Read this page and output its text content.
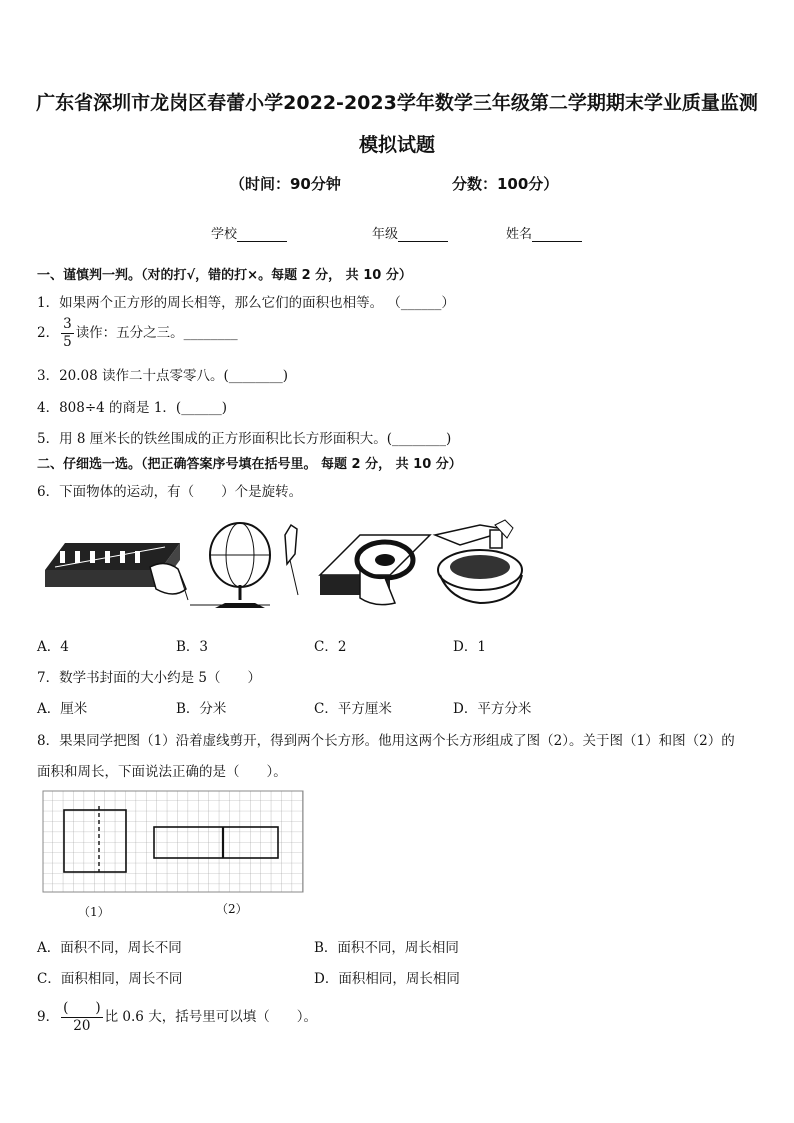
广东省深圳市龙岗区春蕾小学2022-2023学年数学三年级第二学期期末学业质量监测
模拟试题
（时间：90分钟	分数：100分）
学校	年级	姓名
一、谨慎判一判。（对的打√，错的打×。每题 2 分， 共 10 分）
1．如果两个正方形的周长相等，那么它们的面积也相等。 （______）
2． $\frac{3}{5}$ 读作：五分之三。________
3．20.08 读作二十点零零八。(________)
4．808÷4 的商是 1．(______)
5．用 8 厘米长的铁丝围成的正方形面积比长方形面积大。(________)
二、仔细选一选。（把正确答案序号填在括号里。 每题 2 分， 共 10 分）
6．下面物体的运动，有（　　）个是旋转。
A．4	B．3	C．2	D．1
7．数学书封面的大小约是 5（　　）
A．厘米	B．分米	C．平方厘米	D．平方分米
8．果果同学把图（1）沿着虚线剪开，得到两个长方形。他用这两个长方形组成了图（2）。关于图（1）和图（2）的
面积和周长，下面说法正确的是（　　）。
（1）	（2）
A．面积不同，周长不同	B．面积不同，周长相同
C．面积相同，周长不同	D．面积相同，周长相同
9． $\frac{( )}{20}$ 比 0.6 大，括号里可以填（　　）。
